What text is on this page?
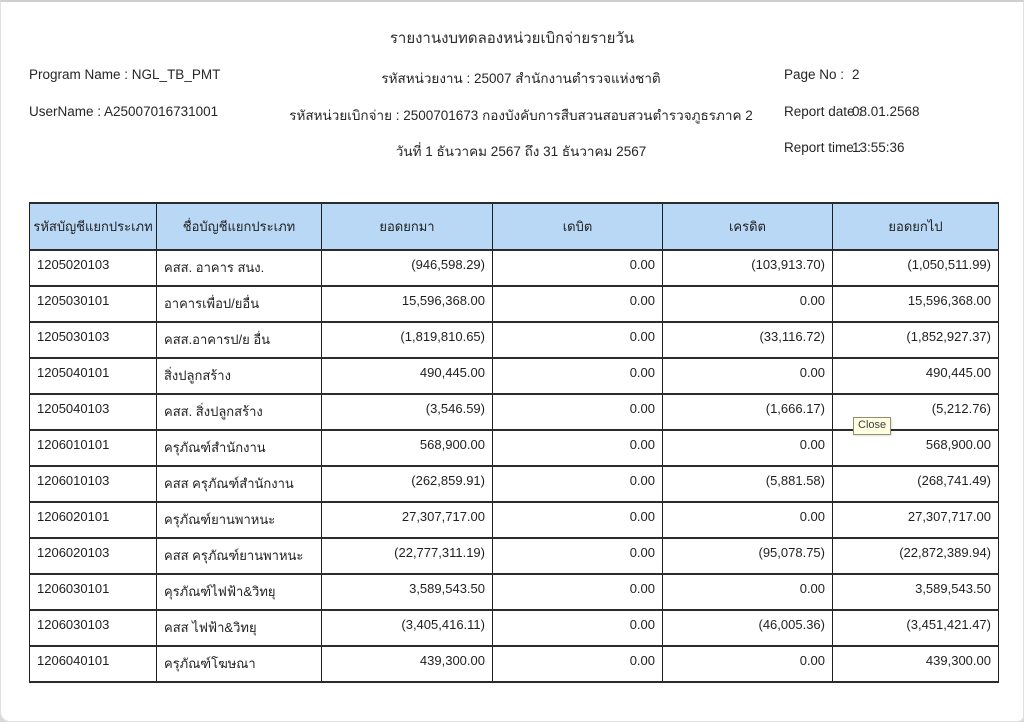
รายงานงบทดลองหน่วยเบิกจ่ายรายวัน
Program Name : NGL_TB_PMT	รหัสหน่วยงาน : 25007 สำนักงานตำรวจแห่งชาติ	Page No : 2
UserName : A25007016731001	รหัสหน่วยเบิกจ่าย : 2500701673 กองบังคับการสืบสวนสอบสวนตำรวจภูธรภาค 2	Report date :
08.01.2568
วันที่ 1 ธันวาคม 2567 ถึง 31 ธันวาคม 2567	Report time :
13:55:36
รหัสบัญชีแยกประเภท	ชื่อบัญชีแยกประเภท	ยอดยกมา	เดบิต	เครดิต	ยอดยกไป
1205020103	คสส. อาคาร สนง.	(946,598.29)	0.00	(103,913.70)	(1,050,511.99)
1205030101	อาคารเพื่อป/ยอื่น	15,596,368.00	0.00	0.00	15,596,368.00
1205030103	คสส.อาคารป/ย อื่น	(1,819,810.65)	0.00	(33,116.72)	(1,852,927.37)
1205040101	สิ่งปลูกสร้าง	490,445.00	0.00	0.00	490,445.00
1205040103	คสส. สิ่งปลูกสร้าง	(3,546.59)	0.00	(1,666.17)	(5,212.76)
1206010101	ครุภัณฑ์สำนักงาน	568,900.00	0.00	0.00	568,900.00
1206010103	คสส ครุภัณฑ์สำนักงาน	(262,859.91)	0.00	(5,881.58)	(268,741.49)
1206020101	ครุภัณฑ์ยานพาหนะ	27,307,717.00	0.00	0.00	27,307,717.00
1206020103	คสส ครุภัณฑ์ยานพาหนะ	(22,777,311.19)	0.00	(95,078.75)	(22,872,389.94)
1206030101	คุรภัณฑ์ไฟฟ้า&วิทยุ	3,589,543.50	0.00	0.00	3,589,543.50
1206030103	คสส ไฟฟ้า&วิทยุ	(3,405,416.11)	0.00	(46,005.36)	(3,451,421.47)
1206040101	ครุภัณฑ์โฆษณา	439,300.00	0.00	0.00	439,300.00
Close
